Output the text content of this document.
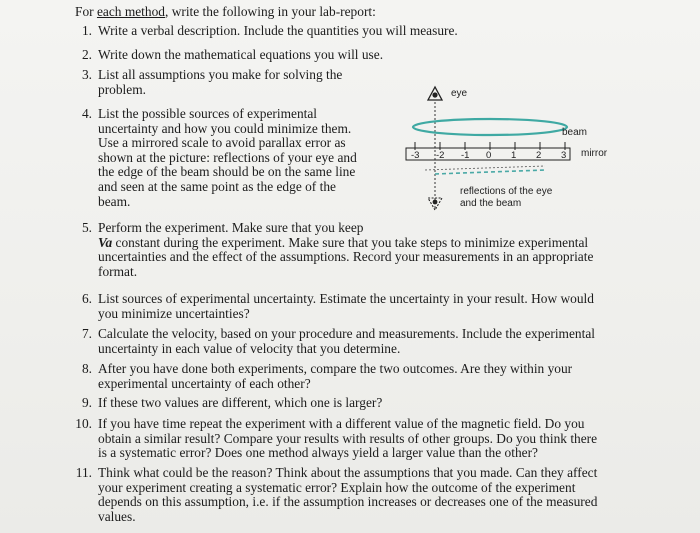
For each method, write the following in your lab-report:
1. Write a verbal description. Include the quantities you will measure.
2. Write down the mathematical equations you will use.
3. List all assumptions you make for solving the
problem.
4. List the possible sources of experimental
uncertainty and how you could minimize them.
Use a mirrored scale to avoid parallax error as
shown at the picture: reflections of your eye and
the edge of the beam should be on the same line
and seen at the same point as the edge of the
beam.
5. Perform the experiment. Make sure that you keep
Va constant during the experiment. Make sure that you take steps to minimize experimental
uncertainties and the effect of the assumptions. Record your measurements in an appropriate
format.
6. List sources of experimental uncertainty. Estimate the uncertainty in your result. How would
you minimize uncertainties?
7. Calculate the velocity, based on your procedure and measurements. Include the experimental
uncertainty in each value of velocity that you determine.
8. After you have done both experiments, compare the two outcomes. Are they within your
experimental uncertainty of each other?
9. If these two values are different, which one is larger?
10. If you have time repeat the experiment with a different value of the magnetic field. Do you
obtain a similar result? Compare your results with results of other groups. Do you think there
is a systematic error? Does one method always yield a larger value than the other?
11. Think what could be the reason? Think about the assumptions that you made. Can they affect
your experiment creating a systematic error? Explain how the outcome of the experiment
depends on this assumption, i.e. if the assumption increases or decreases one of the measured
values.
eye
beam
mirror
-3 -2 -1 0 1 2 3
reflections of the eye
and the beam
